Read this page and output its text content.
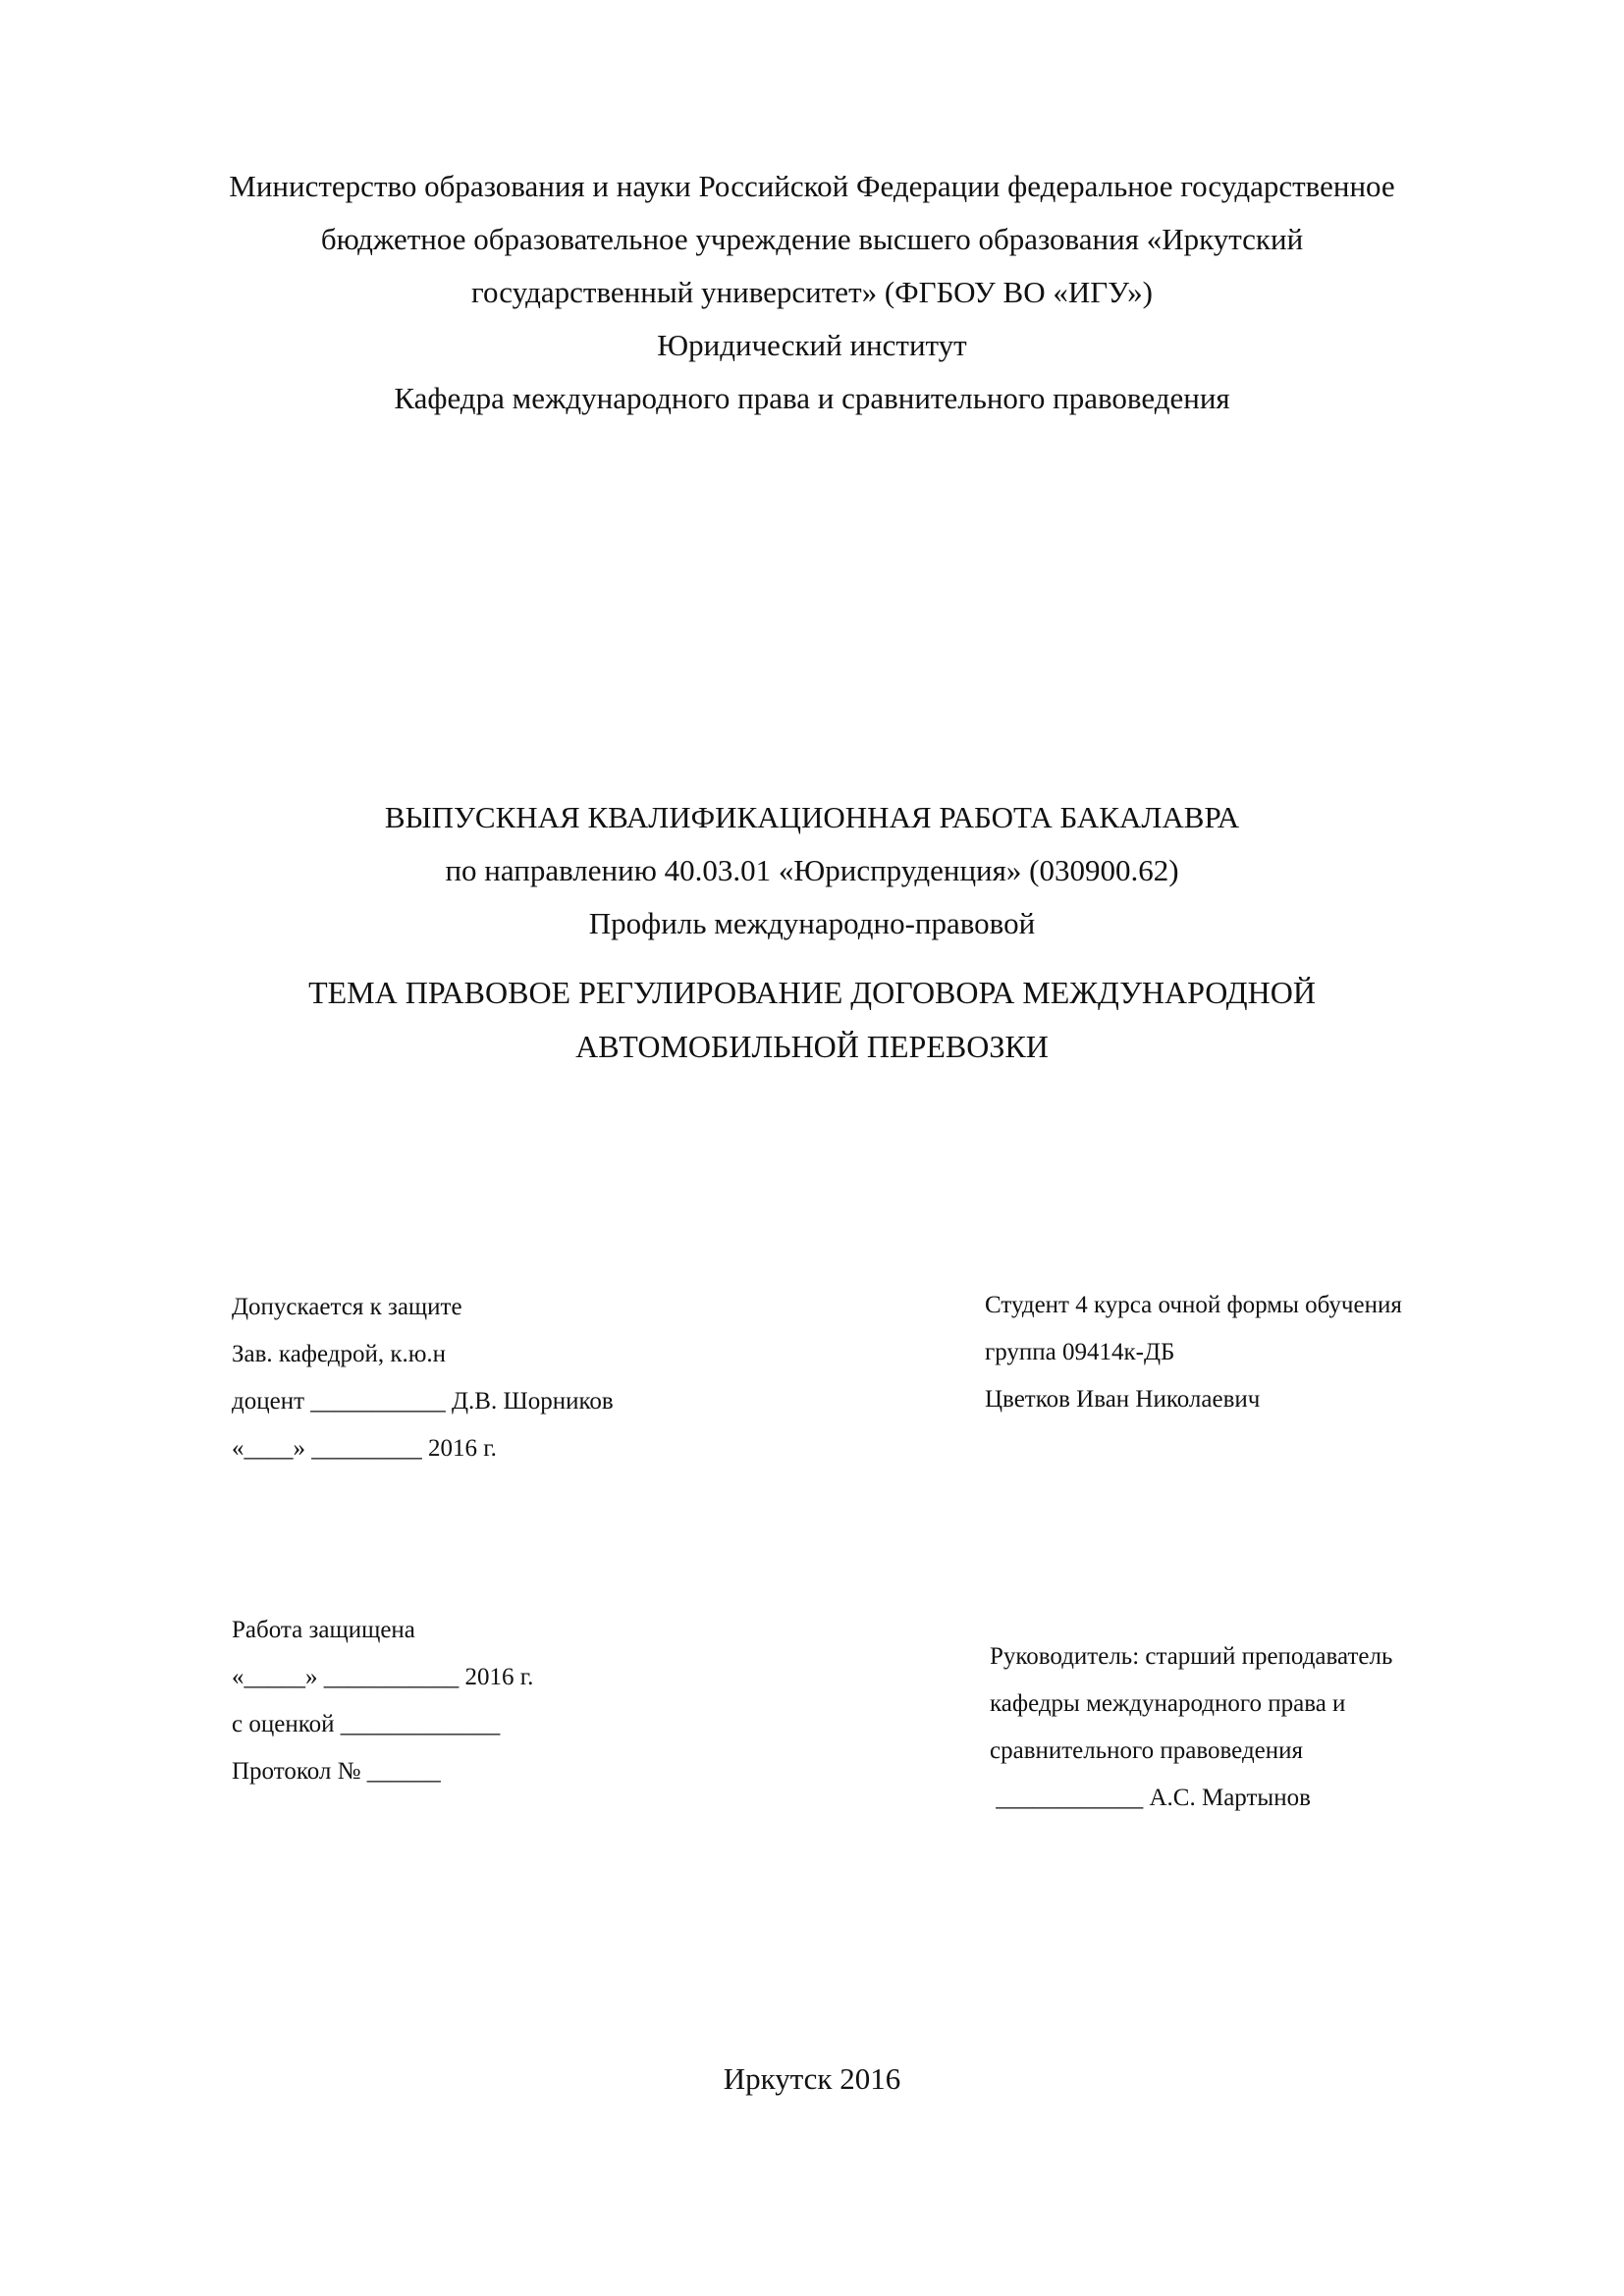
Министерство образования и науки Российской Федерации федеральное государственное
бюджетное образовательное учреждение высшего образования «Иркутский
государственный университет» (ФГБОУ ВО «ИГУ»)
Юридический институт
Кафедра международного права и сравнительного правоведения
ВЫПУСКНАЯ КВАЛИФИКАЦИОННАЯ РАБОТА БАКАЛАВРА
по направлению 40.03.01 «Юриспруденция» (030900.62)
Профиль международно-правовой
ТЕМА ПРАВОВОЕ РЕГУЛИРОВАНИЕ ДОГОВОРА МЕЖДУНАРОДНОЙ
АВТОМОБИЛЬНОЙ ПЕРЕВОЗКИ
Допускается к защите
Зав. кафедрой, к.ю.н
доцент ___________ Д.В. Шорников
«____» _________ 2016 г.
Студент 4 курса очной формы обучения
группа 09414к-ДБ
Цветков Иван Николаевич
Работа защищена
«_____» ___________ 2016 г.
с оценкой _____________
Протокол № ______
Руководитель: старший преподаватель
кафедры международного права и
сравнительного правоведения
____________ А.С. Мартынов
Иркутск 2016
